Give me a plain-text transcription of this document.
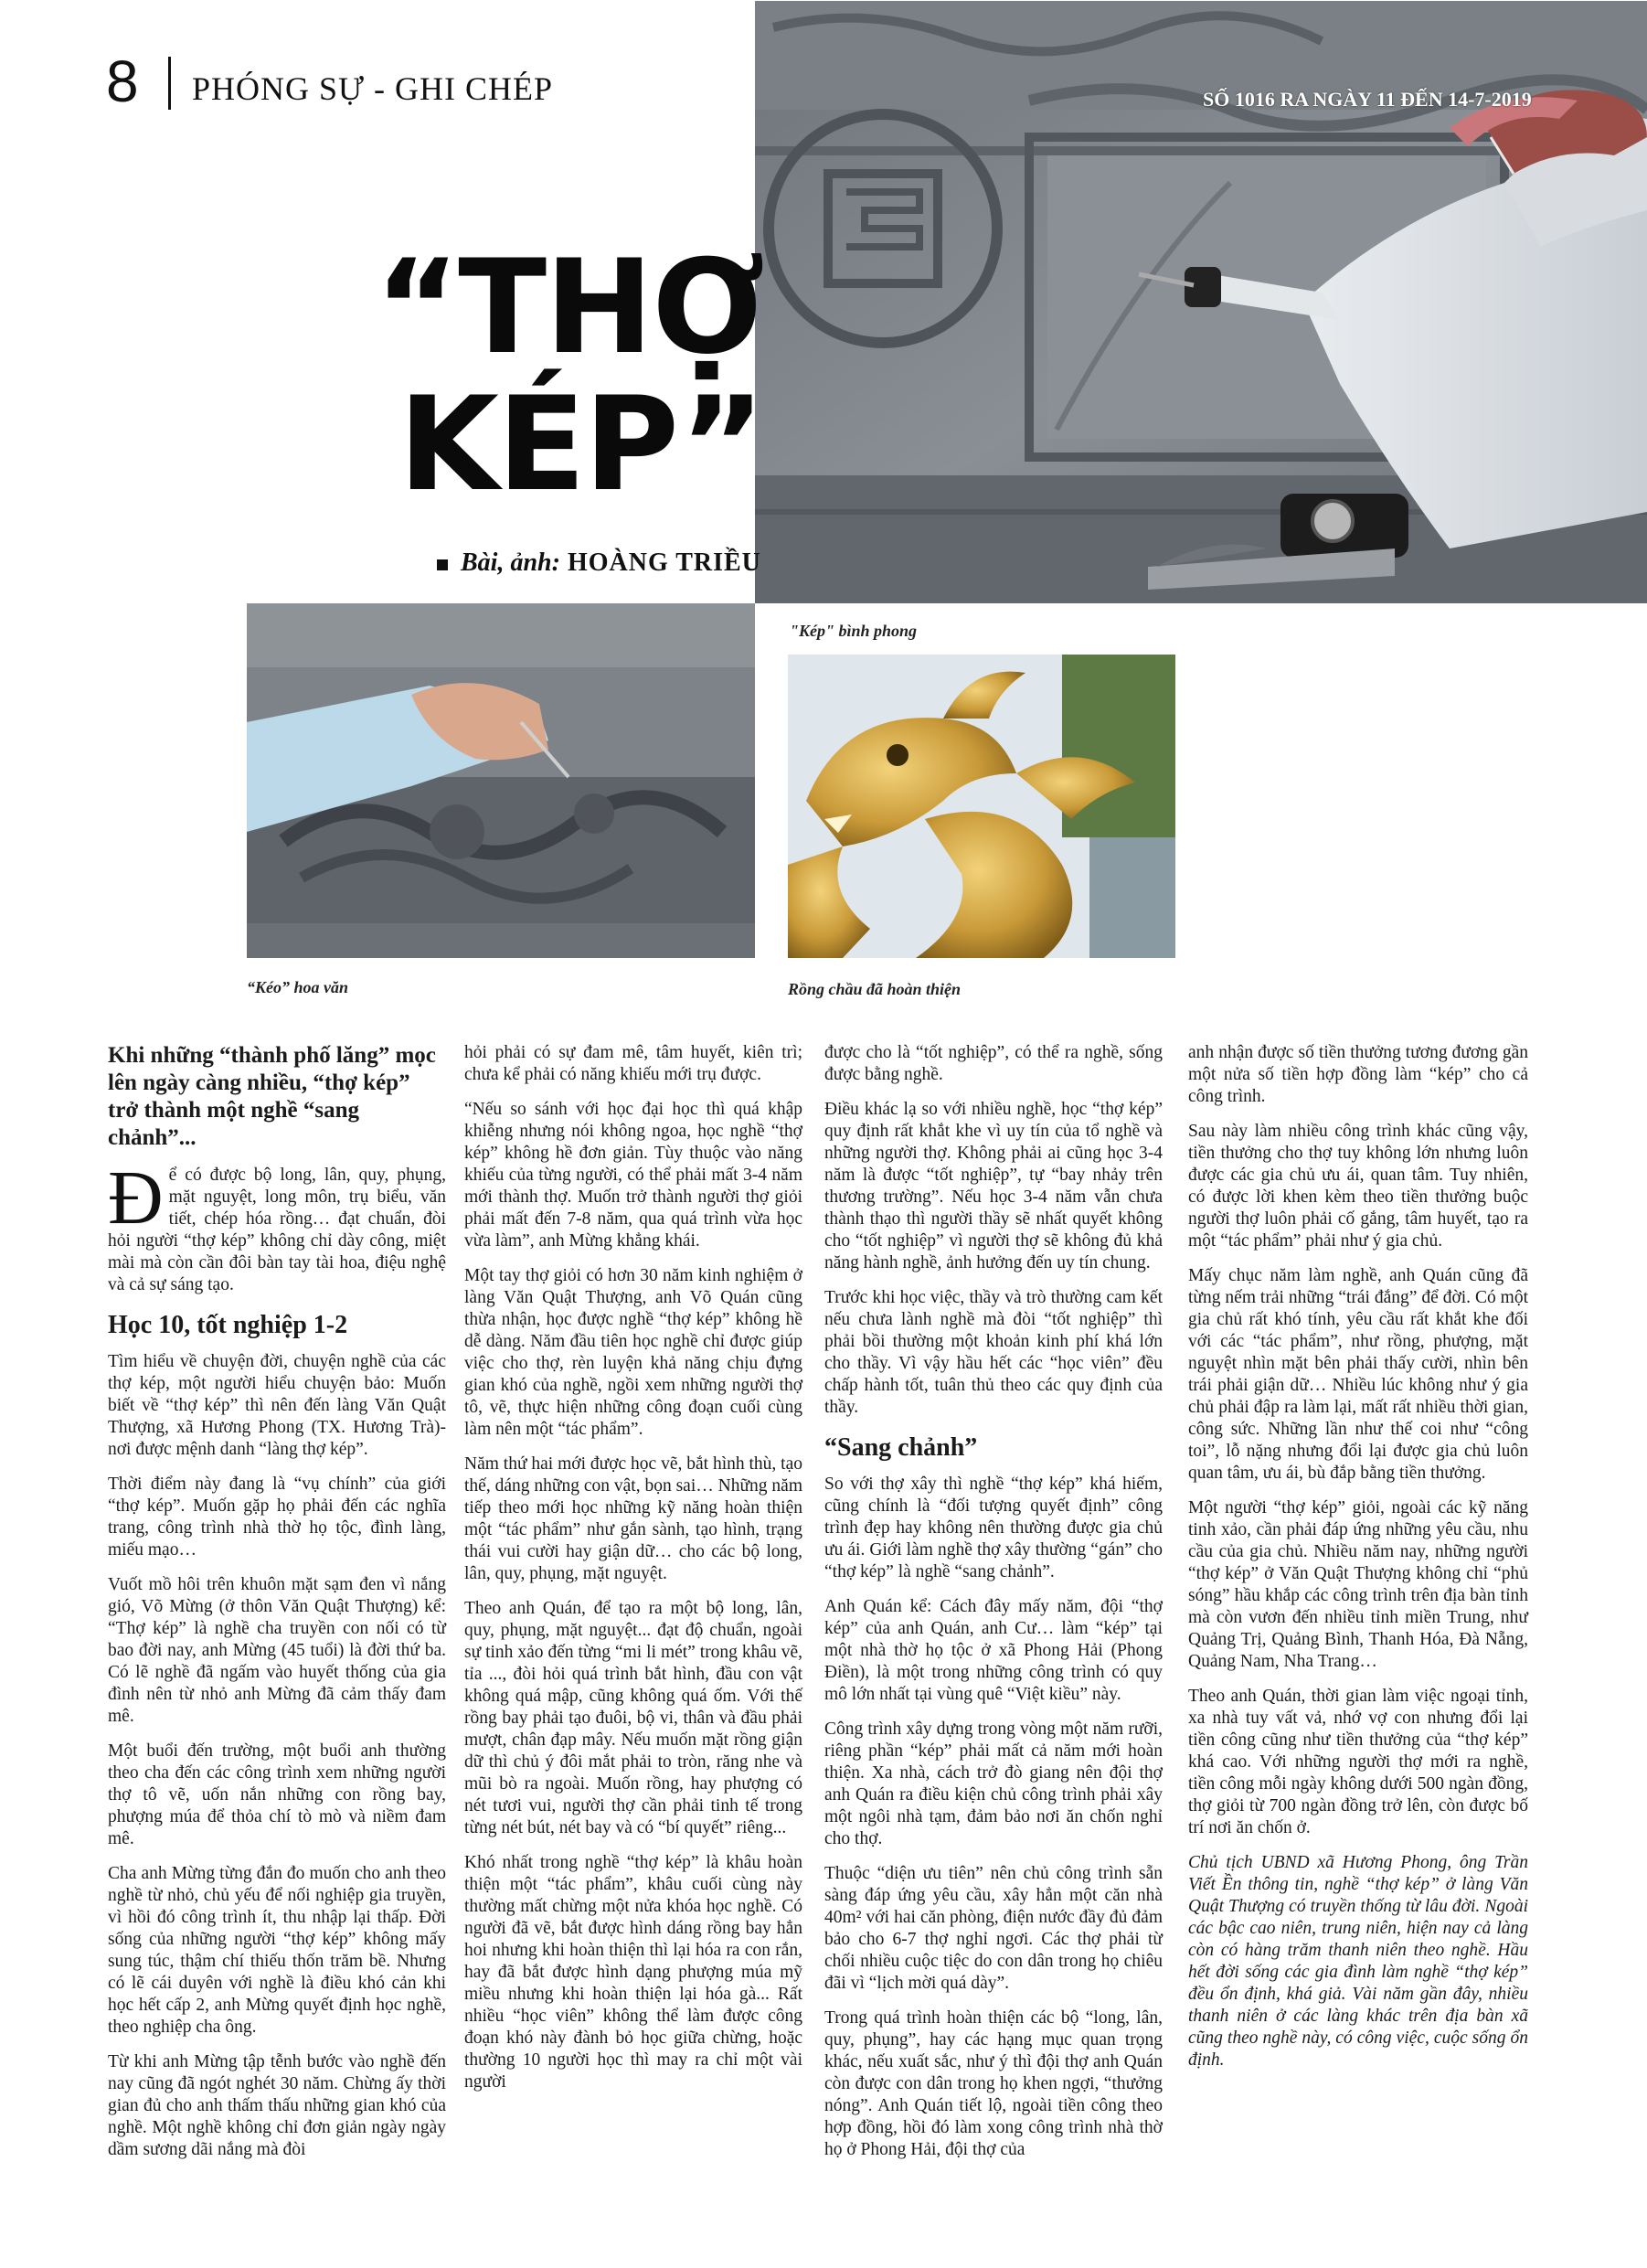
8 PHÓNG SỰ - GHI CHÉP	SỐ 1016 RA NGÀY 11 ĐẾN 14-7-2019
“THỢ
KÉP”
Bài, ảnh: HOÀNG TRIỀU
"Kép" bình phong
“Kéo” hoa văn	Rồng chầu đã hoàn thiện

Khi những “thành phố lăng” mọc lên ngày càng nhiều, “thợ kép” trở thành một nghề “sang chảnh”...

Để có được bộ long, lân, quy, phụng, mặt nguyệt, long môn, trụ biểu, văn tiết, chép hóa rồng… đạt chuẩn, đòi hỏi người “thợ kép” không chỉ dày công, miệt mài mà còn cần đôi bàn tay tài hoa, điệu nghệ và cả sự sáng tạo.

Học 10, tốt nghiệp 1-2

Tìm hiểu về chuyện đời, chuyện nghề của các thợ kép, một người hiểu chuyện bảo: Muốn biết về “thợ kép” thì nên đến làng Văn Quật Thượng, xã Hương Phong (TX. Hương Trà)-nơi được mệnh danh “làng thợ kép”.

Thời điểm này đang là “vụ chính” của giới “thợ kép”. Muốn gặp họ phải đến các nghĩa trang, công trình nhà thờ họ tộc, đình làng, miếu mạo…

Vuốt mồ hôi trên khuôn mặt sạm đen vì nắng gió, Võ Mừng (ở thôn Văn Quật Thượng) kể: “Thợ kép” là nghề cha truyền con nối có từ bao đời nay, anh Mừng (45 tuổi) là đời thứ ba. Có lẽ nghề đã ngấm vào huyết thống của gia đình nên từ nhỏ anh Mừng đã cảm thấy đam mê.

Một buổi đến trường, một buổi anh thường theo cha đến các công trình xem những người thợ tô vẽ, uốn nắn những con rồng bay, phượng múa để thỏa chí tò mò và niềm đam mê.

Cha anh Mừng từng đắn đo muốn cho anh theo nghề từ nhỏ, chủ yếu để nối nghiệp gia truyền, vì hồi đó công trình ít, thu nhập lại thấp. Đời sống của những người “thợ kép” không mấy sung túc, thậm chí thiếu thốn trăm bề. Nhưng có lẽ cái duyên với nghề là điều khó cản khi học hết cấp 2, anh Mừng quyết định học nghề, theo nghiệp cha ông.

Từ khi anh Mừng tập tễnh bước vào nghề đến nay cũng đã ngót nghét 30 năm. Chừng ấy thời gian đủ cho anh thấm thấu những gian khó của nghề. Một nghề không chỉ đơn giản ngày ngày dầm sương dãi nắng mà đòi

hỏi phải có sự đam mê, tâm huyết, kiên trì; chưa kể phải có năng khiếu mới trụ được.

“Nếu so sánh với học đại học thì quá khập khiễng nhưng nói không ngoa, học nghề “thợ kép” không hề đơn giản. Tùy thuộc vào năng khiếu của từng người, có thể phải mất 3-4 năm mới thành thợ. Muốn trở thành người thợ giỏi phải mất đến 7-8 năm, qua quá trình vừa học vừa làm”, anh Mừng khẳng khái.

Một tay thợ giỏi có hơn 30 năm kinh nghiệm ở làng Văn Quật Thượng, anh Võ Quán cũng thừa nhận, học được nghề “thợ kép” không hề dễ dàng. Năm đầu tiên học nghề chỉ được giúp việc cho thợ, rèn luyện khả năng chịu đựng gian khó của nghề, ngồi xem những người thợ tô, vẽ, thực hiện những công đoạn cuối cùng làm nên một “tác phẩm”.

Năm thứ hai mới được học vẽ, bắt hình thù, tạo thế, dáng những con vật, bọn sai… Những năm tiếp theo mới học những kỹ năng hoàn thiện một “tác phẩm” như gắn sành, tạo hình, trạng thái vui cười hay giận dữ… cho các bộ long, lân, quy, phụng, mặt nguyệt.

Theo anh Quán, để tạo ra một bộ long, lân, quy, phụng, mặt nguyệt... đạt độ chuẩn, ngoài sự tinh xảo đến từng “mi li mét” trong khâu vẽ, tỉa ..., đòi hỏi quá trình bắt hình, đầu con vật không quá mập, cũng không quá ốm. Với thế rồng bay phải tạo đuôi, bộ vi, thân và đầu phải mượt, chân đạp mây. Nếu muốn mặt rồng giận dữ thì chủ ý đôi mắt phải to tròn, răng nhe và mũi bò ra ngoài. Muốn rồng, hay phượng có nét tươi vui, người thợ cần phải tinh tế trong từng nét bút, nét bay và có “bí quyết” riêng...

Khó nhất trong nghề “thợ kép” là khâu hoàn thiện một “tác phẩm”, khâu cuối cùng này thường mất chừng một nửa khóa học nghề. Có người đã vẽ, bắt được hình dáng rồng bay hẳn hoi nhưng khi hoàn thiện thì lại hóa ra con rắn, hay đã bắt được hình dạng phượng múa mỹ miều nhưng khi hoàn thiện lại hóa gà... Rất nhiều “học viên” không thể làm được công đoạn khó này đành bỏ học giữa chừng, hoặc thường 10 người học thì may ra chỉ một vài người

được cho là “tốt nghiệp”, có thể ra nghề, sống được bằng nghề.

Điều khác lạ so với nhiều nghề, học “thợ kép” quy định rất khắt khe vì uy tín của tổ nghề và những người thợ. Không phải ai cũng học 3-4 năm là được “tốt nghiệp”, tự “bay nhảy trên thương trường”. Nếu học 3-4 năm vẫn chưa thành thạo thì người thầy sẽ nhất quyết không cho “tốt nghiệp” vì người thợ sẽ không đủ khả năng hành nghề, ảnh hưởng đến uy tín chung.

Trước khi học việc, thầy và trò thường cam kết nếu chưa lành nghề mà đòi “tốt nghiệp” thì phải bồi thường một khoản kinh phí khá lớn cho thầy. Vì vậy hầu hết các “học viên” đều chấp hành tốt, tuân thủ theo các quy định của thầy.

“Sang chảnh”

So với thợ xây thì nghề “thợ kép” khá hiếm, cũng chính là “đối tượng quyết định” công trình đẹp hay không nên thường được gia chủ ưu ái. Giới làm nghề thợ xây thường “gán” cho “thợ kép” là nghề “sang chảnh”.

Anh Quán kể: Cách đây mấy năm, đội “thợ kép” của anh Quán, anh Cư… làm “kép” tại một nhà thờ họ tộc ở xã Phong Hải (Phong Điền), là một trong những công trình có quy mô lớn nhất tại vùng quê “Việt kiều” này.

Công trình xây dựng trong vòng một năm rưỡi, riêng phần “kép” phải mất cả năm mới hoàn thiện. Xa nhà, cách trở đò giang nên đội thợ anh Quán ra điều kiện chủ công trình phải xây một ngôi nhà tạm, đảm bảo nơi ăn chốn nghỉ cho thợ.

Thuộc “diện ưu tiên” nên chủ công trình sẵn sàng đáp ứng yêu cầu, xây hẳn một căn nhà 40m² với hai căn phòng, điện nước đầy đủ đảm bảo cho 6-7 thợ nghỉ ngơi. Các thợ phải từ chối nhiều cuộc tiệc do con dân trong họ chiêu đãi vì “lịch mời quá dày”.

Trong quá trình hoàn thiện các bộ “long, lân, quy, phụng”, hay các hạng mục quan trọng khác, nếu xuất sắc, như ý thì đội thợ anh Quán còn được con dân trong họ khen ngợi, “thưởng nóng”. Anh Quán tiết lộ, ngoài tiền công theo hợp đồng, hồi đó làm xong công trình nhà thờ họ ở Phong Hải, đội thợ của

anh nhận được số tiền thưởng tương đương gần một nửa số tiền hợp đồng làm “kép” cho cả công trình.

Sau này làm nhiều công trình khác cũng vậy, tiền thưởng cho thợ tuy không lớn nhưng luôn được các gia chủ ưu ái, quan tâm. Tuy nhiên, có được lời khen kèm theo tiền thưởng buộc người thợ luôn phải cố gắng, tâm huyết, tạo ra một “tác phẩm” phải như ý gia chủ.

Mấy chục năm làm nghề, anh Quán cũng đã từng nếm trải những “trái đắng” để đời. Có một gia chủ rất khó tính, yêu cầu rất khắt khe đối với các “tác phẩm”, như rồng, phượng, mặt nguyệt nhìn mặt bên phải thấy cười, nhìn bên trái phải giận dữ… Nhiều lúc không như ý gia chủ phải đập ra làm lại, mất rất nhiều thời gian, công sức. Những lần như thế coi như “công toi”, lỗ nặng nhưng đổi lại được gia chủ luôn quan tâm, ưu ái, bù đắp bằng tiền thưởng.

Một người “thợ kép” giỏi, ngoài các kỹ năng tinh xảo, cần phải đáp ứng những yêu cầu, nhu cầu của gia chủ. Nhiều năm nay, những người “thợ kép” ở Văn Quật Thượng không chỉ “phủ sóng” hầu khắp các công trình trên địa bàn tỉnh mà còn vươn đến nhiều tỉnh miền Trung, như Quảng Trị, Quảng Bình, Thanh Hóa, Đà Nẵng, Quảng Nam, Nha Trang…

Theo anh Quán, thời gian làm việc ngoại tỉnh, xa nhà tuy vất vả, nhớ vợ con nhưng đổi lại tiền công cũng như tiền thưởng của “thợ kép” khá cao. Với những người thợ mới ra nghề, tiền công mỗi ngày không dưới 500 ngàn đồng, thợ giỏi từ 700 ngàn đồng trở lên, còn được bố trí nơi ăn chốn ở.

Chủ tịch UBND xã Hương Phong, ông Trần Viết Ền thông tin, nghề “thợ kép” ở làng Văn Quật Thượng có truyền thống từ lâu đời. Ngoài các bậc cao niên, trung niên, hiện nay cả làng còn có hàng trăm thanh niên theo nghề. Hầu hết đời sống các gia đình làm nghề “thợ kép” đều ổn định, khá giả. Vài năm gần đây, nhiều thanh niên ở các làng khác trên địa bàn xã cũng theo nghề này, có công việc, cuộc sống ổn định.
